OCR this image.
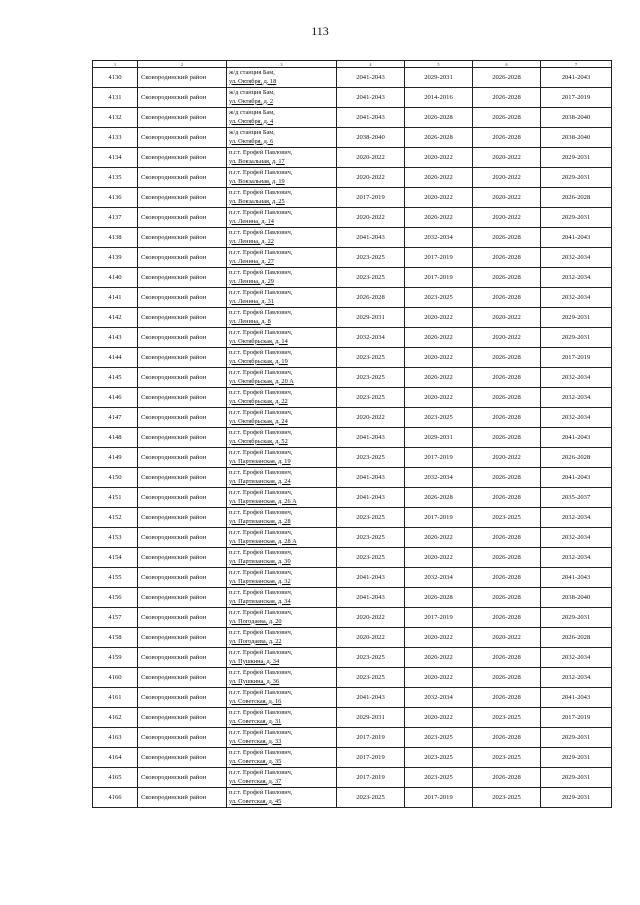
113
1	2	3	4	5	6	7
4130	Сковородинский район	ж/д станция Бам,
ул. Октября, д. 18	2041-2043	2029-2031	2026-2028	2041-2043
4131	Сковородинский район	ж/д станция Бам,
ул. Октября, д. 2	2041-2043	2014-2016	2026-2028	2017-2019
4132	Сковородинский район	ж/д станция Бам,
ул. Октября, д. 4	2041-2043	2026-2028	2026-2028	2038-2040
4133	Сковородинский район	ж/д станция Бам,
ул. Октября, д. 6	2038-2040	2026-2028	2026-2028	2038-2040
4134	Сковородинский район	п.г.т. Ерофей Павлович,
ул. Вокзальная, д. 17	2020-2022	2020-2022	2020-2022	2029-2031
4135	Сковородинский район	п.г.т. Ерофей Павлович,
ул. Вокзальная, д. 19	2020-2022	2020-2022	2020-2022	2029-2031
4136	Сковородинский район	п.г.т. Ерофей Павлович,
ул. Вокзальная, д. 25	2017-2019	2020-2022	2020-2022	2026-2028
4137	Сковородинский район	п.г.т. Ерофей Павлович,
ул. Ленина, д. 14	2020-2022	2020-2022	2020-2022	2029-2031
4138	Сковородинский район	п.г.т. Ерофей Павлович,
ул. Ленина, д. 22	2041-2043	2032-2034	2026-2028	2041-2043
4139	Сковородинский район	п.г.т. Ерофей Павлович,
ул. Ленина, д. 27	2023-2025	2017-2019	2026-2028	2032-2034
4140	Сковородинский район	п.г.т. Ерофей Павлович,
ул. Ленина, д. 29	2023-2025	2017-2019	2026-2028	2032-2034
4141	Сковородинский район	п.г.т. Ерофей Павлович,
ул. Ленина, д. 31	2026-2028	2023-2025	2026-2028	2032-2034
4142	Сковородинский район	п.г.т. Ерофей Павлович,
ул. Ленина, д. 8	2029-2031	2020-2022	2020-2022	2029-2031
4143	Сковородинский район	п.г.т. Ерофей Павлович,
ул. Октябрьская, д. 14	2032-2034	2020-2022	2020-2022	2029-2031
4144	Сковородинский район	п.г.т. Ерофей Павлович,
ул. Октябрьская, д. 19	2023-2025	2020-2022	2026-2028	2017-2019
4145	Сковородинский район	п.г.т. Ерофей Павлович,
ул. Октябрьская, д. 20 А	2023-2025	2020-2022	2026-2028	2032-2034
4146	Сковородинский район	п.г.т. Ерофей Павлович,
ул. Октябрьская, д. 22	2023-2025	2020-2022	2026-2028	2032-2034
4147	Сковородинский район	п.г.т. Ерофей Павлович,
ул. Октябрьская, д. 24	2020-2022	2023-2025	2026-2028	2032-2034
4148	Сковородинский район	п.г.т. Ерофей Павлович,
ул. Октябрьская, д. 52	2041-2043	2029-2031	2026-2028	2041-2043
4149	Сковородинский район	п.г.т. Ерофей Павлович,
ул. Партизанская, д. 19	2023-2025	2017-2019	2020-2022	2026-2028
4150	Сковородинский район	п.г.т. Ерофей Павлович,
ул. Партизанская, д. 24	2041-2043	2032-2034	2026-2028	2041-2043
4151	Сковородинский район	п.г.т. Ерофей Павлович,
ул. Партизанская, д. 26 А	2041-2043	2026-2028	2026-2028	2035-2037
4152	Сковородинский район	п.г.т. Ерофей Павлович,
ул. Партизанская, д. 28	2023-2025	2017-2019	2023-2025	2032-2034
4153	Сковородинский район	п.г.т. Ерофей Павлович,
ул. Партизанская, д. 28 А	2023-2025	2020-2022	2026-2028	2032-2034
4154	Сковородинский район	п.г.т. Ерофей Павлович,
ул. Партизанская, д. 30	2023-2025	2020-2022	2026-2028	2032-2034
4155	Сковородинский район	п.г.т. Ерофей Павлович,
ул. Партизанская, д. 32	2041-2043	2032-2034	2026-2028	2041-2043
4156	Сковородинский район	п.г.т. Ерофей Павлович,
ул. Партизанская, д. 34	2041-2043	2026-2028	2026-2028	2038-2040
4157	Сковородинский район	п.г.т. Ерофей Павлович,
ул. Погодаева, д. 20	2020-2022	2017-2019	2026-2028	2029-2031
4158	Сковородинский район	п.г.т. Ерофей Павлович,
ул. Погодаева, д. 22	2020-2022	2020-2022	2020-2022	2026-2028
4159	Сковородинский район	п.г.т. Ерофей Павлович,
ул. Пушкина, д. 34	2023-2025	2020-2022	2026-2028	2032-2034
4160	Сковородинский район	п.г.т. Ерофей Павлович,
ул. Пушкина, д. 36	2023-2025	2020-2022	2026-2028	2032-2034
4161	Сковородинский район	п.г.т. Ерофей Павлович,
ул. Советская, д. 16	2041-2043	2032-2034	2026-2028	2041-2043
4162	Сковородинский район	п.г.т. Ерофей Павлович,
ул. Советская, д. 31	2029-2031	2020-2022	2023-2025	2017-2019
4163	Сковородинский район	п.г.т. Ерофей Павлович,
ул. Советская, д. 33	2017-2019	2023-2025	2026-2028	2029-2031
4164	Сковородинский район	п.г.т. Ерофей Павлович,
ул. Советская, д. 35	2017-2019	2023-2025	2023-2025	2029-2031
4165	Сковородинский район	п.г.т. Ерофей Павлович,
ул. Советская, д. 37	2017-2019	2023-2025	2026-2028	2029-2031
4166	Сковородинский район	п.г.т. Ерофей Павлович,
ул. Советская, д. 45	2023-2025	2017-2019	2023-2025	2029-2031
